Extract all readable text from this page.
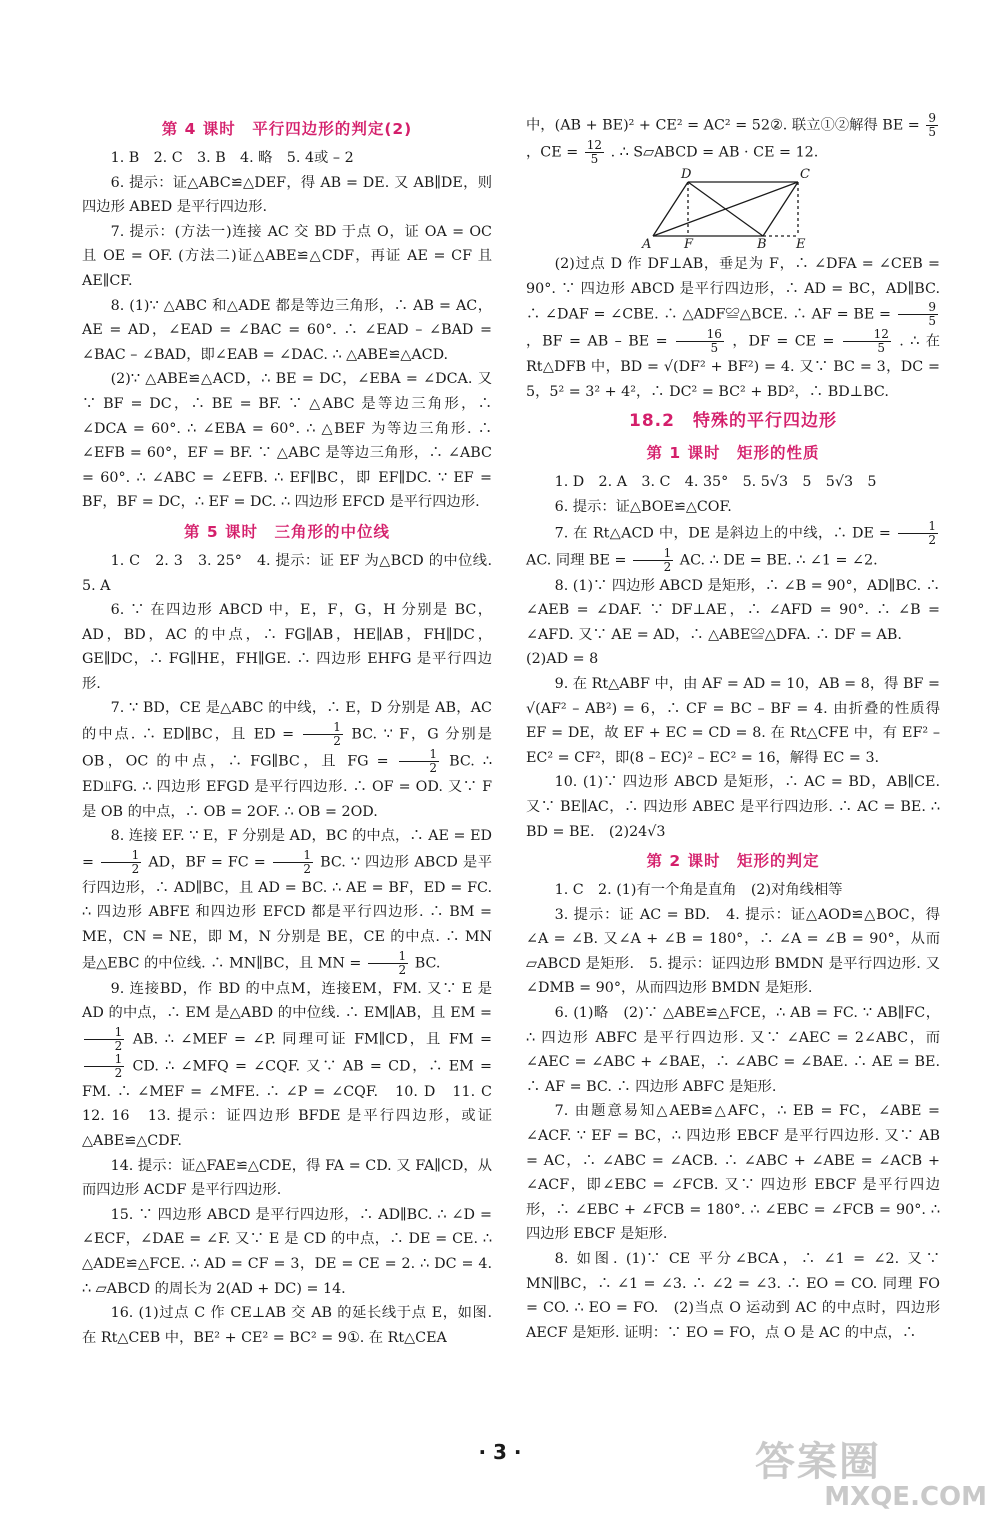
第 4 课时　平行四边形的判定(2)

1. B　2. C　3. B　4. 略　5. 4或 – 2

6. 提示：证△ABC≌△DEF，得 AB = DE. 又 AB∥DE，则四边形 ABED 是平行四边形.

7. 提示：(方法一)连接 AC 交 BD 于点 O，证 OA = OC 且 OE = OF. (方法二)证△ABE≌△CDF，再证 AE = CF 且 AE∥CF.

8. (1)∵ △ABC 和△ADE 都是等边三角形，∴ AB = AC，AE = AD，∠EAD = ∠BAC = 60°. ∴ ∠EAD – ∠BAD = ∠BAC – ∠BAD，即∠EAB = ∠DAC. ∴ △ABE≌△ACD.

(2)∵ △ABE≌△ACD，∴ BE = DC，∠EBA = ∠DCA. 又∵ BF = DC，∴ BE = BF. ∵ △ABC 是等边三角形，∴ ∠DCA = 60°. ∴ ∠EBA = 60°. ∴ △BEF 为等边三角形. ∴ ∠EFB = 60°，EF = BF. ∵ △ABC 是等边三角形，∴ ∠ABC = 60°. ∴ ∠ABC = ∠EFB. ∴ EF∥BC，即 EF∥DC. ∵ EF = BF，BF = DC，∴ EF = DC. ∴ 四边形 EFCD 是平行四边形.

第 5 课时　三角形的中位线

1. C　2. 3　3. 25°　4. 提示：证 EF 为△BCD 的中位线.　5. A

6. ∵ 在四边形 ABCD 中，E，F，G，H 分别是 BC，AD，BD，AC 的中点，∴ FG∥AB，HE∥AB，FH∥DC，GE∥DC，∴ FG∥HE，FH∥GE. ∴ 四边形 EHFG 是平行四边形.

7. ∵ BD，CE 是△ABC 的中线，∴ E，D 分别是 AB，AC 的中点. ∴ ED∥BC，且 ED = $\frac{1}{2}$ BC. ∵ F，G 分别是 OB，OC 的中点，∴ FG∥BC，且 FG = $\frac{1}{2}$ BC. ∴ ED⫫FG. ∴ 四边形 EFGD 是平行四边形. ∴ OF = OD. 又∵ F 是 OB 的中点，∴ OB = 2OF. ∴ OB = 2OD.

8. 连接 EF. ∵ E，F 分别是 AD，BC 的中点，∴ AE = ED = $\frac{1}{2}$ AD，BF = FC = $\frac{1}{2}$ BC. ∵ 四边形 ABCD 是平行四边形，∴ AD∥BC，且 AD = BC. ∴ AE = BF，ED = FC. ∴ 四边形 ABFE 和四边形 EFCD 都是平行四边形. ∴ BM = ME，CN = NE，即 M，N 分别是 BE，CE 的中点. ∴ MN 是△EBC 的中位线. ∴ MN∥BC，且 MN = $\frac{1}{2}$ BC.

9. 连接BD，作 BD 的中点M，连接EM，FM. 又∵ E 是 AD 的中点，∴ EM 是△ABD 的中位线. ∴ EM∥AB，且 EM =
$\frac{1}{2}$ AB. ∴ ∠MEF = ∠P. 同理可证 FM∥CD，且 FM =
$\frac{1}{2}$ CD. ∴ ∠MFQ = ∠CQF. 又∵ AB = CD，∴ EM = FM. ∴ ∠MEF = ∠MFE. ∴ ∠P = ∠CQF.　10. D　11. C　12. 16　13. 提示：证四边形 BFDE 是平行四边形，或证△ABE≌△CDF.

14. 提示：证△FAE≌△CDE，得 FA = CD. 又 FA∥CD，从而四边形 ACDF 是平行四边形.

15. ∵ 四边形 ABCD 是平行四边形，∴ AD∥BC. ∴ ∠D = ∠ECF，∠DAE = ∠F. 又∵ E 是 CD 的中点，∴ DE = CE. ∴ △ADE≌△FCE. ∴ AD = CF = 3，DE = CE = 2. ∴ DC = 4. ∴ ▱ABCD 的周长为 2(AD + DC) = 14.

16. (1)过点 C 作 CE⊥AB 交 AB 的延长线于点 E，如图. 在 Rt△CEB 中，BE² + CE² = BC² = 9①. 在 Rt△CEA

中，(AB + BE)² + CE² = AC² = 52②. 联立①②解得 BE = $\frac{9}{5}$
，CE = $\frac{12}{5}$ . ∴ S▱ABCD = AB · CE = 12.

D	C
A	F	B E

(2)过点 D 作 DF⊥AB，垂足为 F，∴ ∠DFA = ∠CEB = 90°. ∵ 四边形 ABCD 是平行四边形，∴ AD = BC，AD∥BC. ∴ ∠DAF = ∠CBE. ∴ △ADF≌△BCE. ∴ AF = BE = $\frac{9}{5}$
，BF = AB – BE = $\frac{16}{5}$ ，DF = CE = $\frac{12}{5}$ . ∴ 在 Rt△DFB 中，BD = √(DF² + BF²) = 4. 又∵ BC = 3，DC = 5，5² = 3² + 4²，∴ DC² = BC² + BD²，∴ BD⊥BC.

18.2　特殊的平行四边形
第 1 课时　矩形的性质

1. D　2. A　3. C　4. 35°　5. 5√3　5　5√3　5

6. 提示：证△BOE≌△COF.

7. 在 Rt△ACD 中，DE 是斜边上的中线，∴ DE = $\frac{1}{2}$
AC. 同理 BE = $\frac{1}{2}$ AC. ∴ DE = BE. ∴ ∠1 = ∠2.

8. (1)∵ 四边形 ABCD 是矩形，∴ ∠B = 90°，AD∥BC. ∴ ∠AEB = ∠DAF. ∵ DF⊥AE，∴ ∠AFD = 90°. ∴ ∠B = ∠AFD. 又∵ AE = AD，∴ △ABE≌△DFA. ∴ DF = AB.

(2)AD = 8

9. 在 Rt△ABF 中，由 AF = AD = 10，AB = 8，得 BF = √(AF² – AB²) = 6，∴ CF = BC – BF = 4. 由折叠的性质得 EF = DE，故 EF + EC = CD = 8. 在 Rt△CFE 中，有 EF² – EC² = CF²，即(8 – EC)² – EC² = 16，解得 EC = 3.

10. (1)∵ 四边形 ABCD 是矩形，∴ AC = BD，AB∥CE. 又∵ BE∥AC，∴ 四边形 ABEC 是平行四边形. ∴ AC = BE. ∴ BD = BE.　(2)24√3

第 2 课时　矩形的判定

1. C　2. (1)有一个角是直角　(2)对角线相等

3. 提示：证 AC = BD.　4. 提示：证△AOD≌△BOC，得∠A = ∠B. 又∠A + ∠B = 180°，∴ ∠A = ∠B = 90°，从而▱ABCD 是矩形.　5. 提示：证四边形 BMDN 是平行四边形. 又∠DMB = 90°，从而四边形 BMDN 是矩形.

6. (1)略　(2)∵ △ABE≌△FCE，∴ AB = FC. ∵ AB∥FC，∴ 四边形 ABFC 是平行四边形. 又∵ ∠AEC = 2∠ABC，而∠AEC = ∠ABC + ∠BAE，∴ ∠ABC = ∠BAE. ∴ AE = BE. ∴ AF = BC. ∴ 四边形 ABFC 是矩形.

7. 由题意易知△AEB≌△AFC，∴ EB = FC，∠ABE = ∠ACF. ∵ EF = BC，∴ 四边形 EBCF 是平行四边形. 又∵ AB = AC，∴ ∠ABC = ∠ACB. ∴ ∠ABC + ∠ABE = ∠ACB + ∠ACF，即∠EBC = ∠FCB. 又∵ 四边形 EBCF 是平行四边形，∴ ∠EBC + ∠FCB = 180°. ∴ ∠EBC = ∠FCB = 90°. ∴ 四边形 EBCF 是矩形.

8. 如图. (1)∵ CE 平分∠BCA，∴ ∠1 = ∠2. 又∵ MN∥BC，∴ ∠1 = ∠3. ∴ ∠2 = ∠3. ∴ EO = CO. 同理 FO = CO. ∴ EO = FO.　(2)当点 O 运动到 AC 的中点时，四边形 AECF 是矩形. 证明：∵ EO = FO，点 O 是 AC 的中点，∴

· 3 ·	答案圈
MXQE.COM
